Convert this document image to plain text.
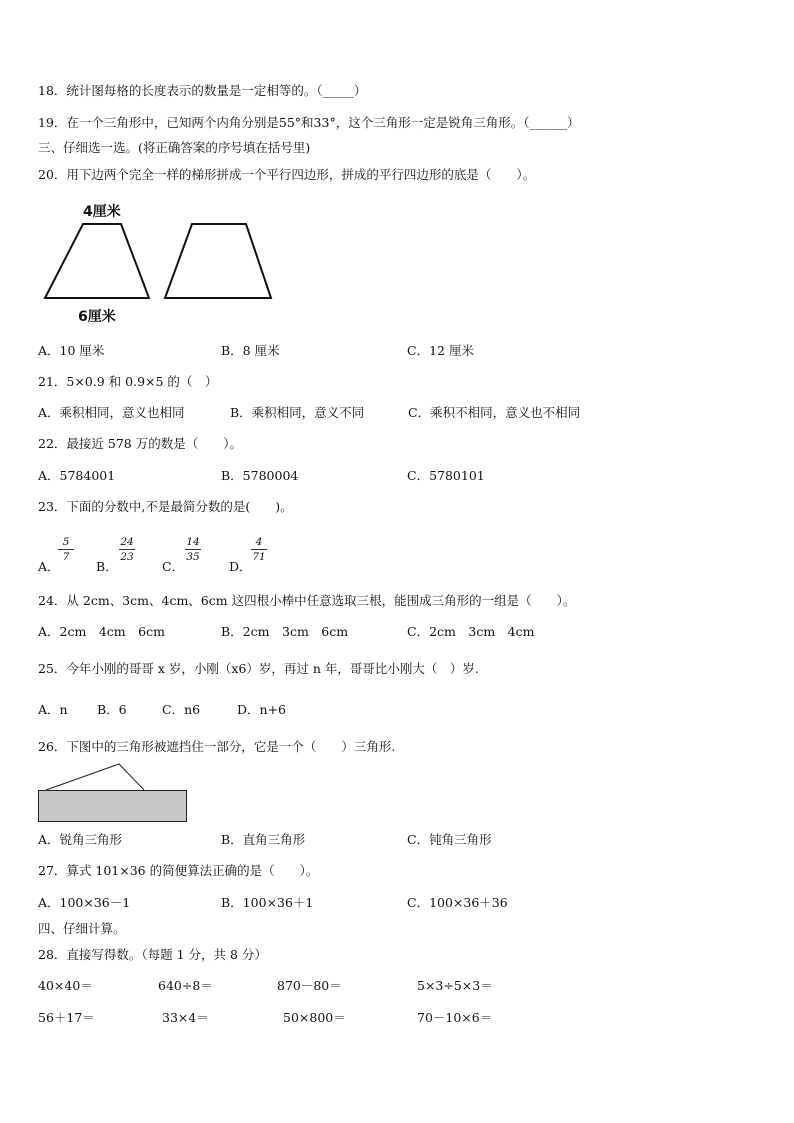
18．统计图每格的长度表示的数量是一定相等的。（_____）
19．在一个三角形中，已知两个内角分别是55°和33°，这个三角形一定是锐角三角形。（______）
三、仔细选一选。(将正确答案的序号填在括号里)
20．用下边两个完全一样的梯形拼成一个平行四边形，拼成的平行四边形的底是（　　）。
4厘米
6厘米
A．10 厘米	B．8 厘米	C．12 厘米
21．5×0.9 和 0.9×5 的（　）
A．乘积相同，意义也相同	B．乘积相同，意义不同	C．乘积不相同，意义也不相同
22．最接近 578 万的数是（　　）。
A．5784001	B．5780004	C．5780101
23．下面的分数中,不是最简分数的是(　　)。
A．
5
7
B．
24
23
C．
14
35
D．
4
71
24．从 2cm、3cm、4cm、6cm 这四根小棒中任意选取三根，能围成三角形的一组是（　　）。
A．2cm　4cm　6cm	B．2cm　3cm　6cm	C．2cm　3cm　4cm
25．今年小刚的哥哥 x 岁，小刚（x6）岁，再过 n 年，哥哥比小刚大（　）岁.
A．n B．6	C．n6	D．n+6
26．下图中的三角形被遮挡住一部分，它是一个（　　）三角形.
A．锐角三角形	B．直角三角形	C．钝角三角形
27．算式 101×36 的简便算法正确的是（　　）。
A．100×36－1	B．100×36＋1	C．100×36＋36
四、仔细计算。
28．直接写得数。（每题 1 分，共 8 分）
40×40＝	640÷8＝	870－80＝	5×3÷5×3＝
56＋17＝	33×4＝	50×800＝	70－10×6＝
